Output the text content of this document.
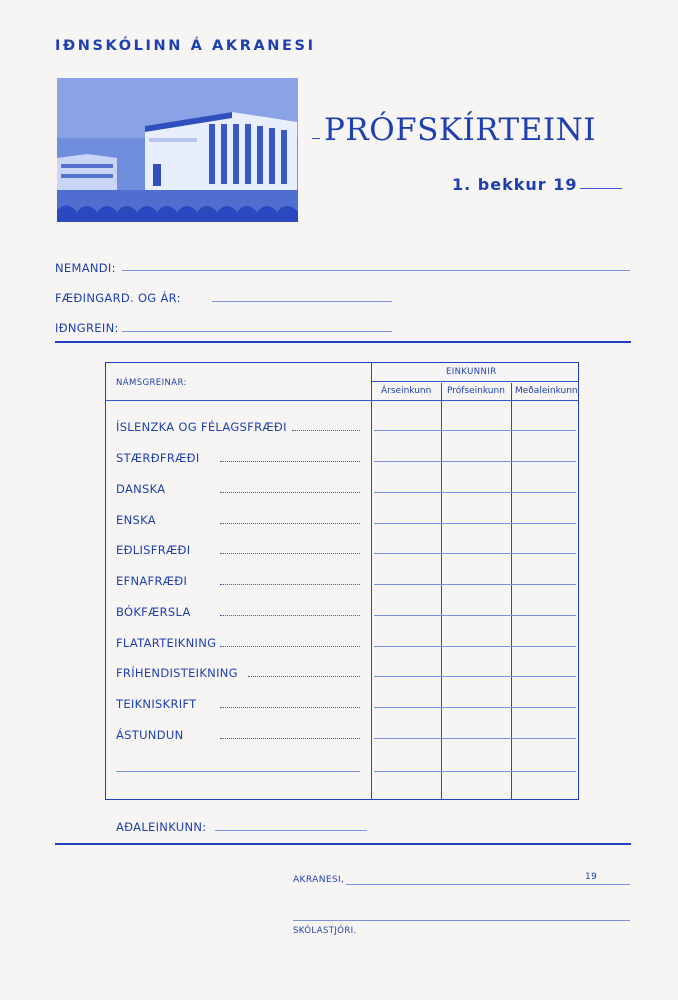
IÐNSKÓLINN Á AKRANESI
PRÓFSKÍRTEINI
1. bekkur 19
NEMANDI:
FÆÐINGARD. OG ÁR:
IÐNGREIN:
NÁMSGREINAR:
EINKUNNIR
Árseinkunn Prófseinkunn Meðaleinkunn
ÍSLENZKA OG FÉLAGSFRÆÐI
STÆRÐFRÆÐI
DANSKA
ENSKA
EÐLISFRÆÐI
EFNAFRÆÐI
BÓKFÆRSLA
FLATARTEIKNING
FRÍHENDISTEIKNING
TEIKNISKRIFT
ÁSTUNDUN
AÐALEINKUNN:
AKRANESI,	19
SKÓLASTJÓRI.
